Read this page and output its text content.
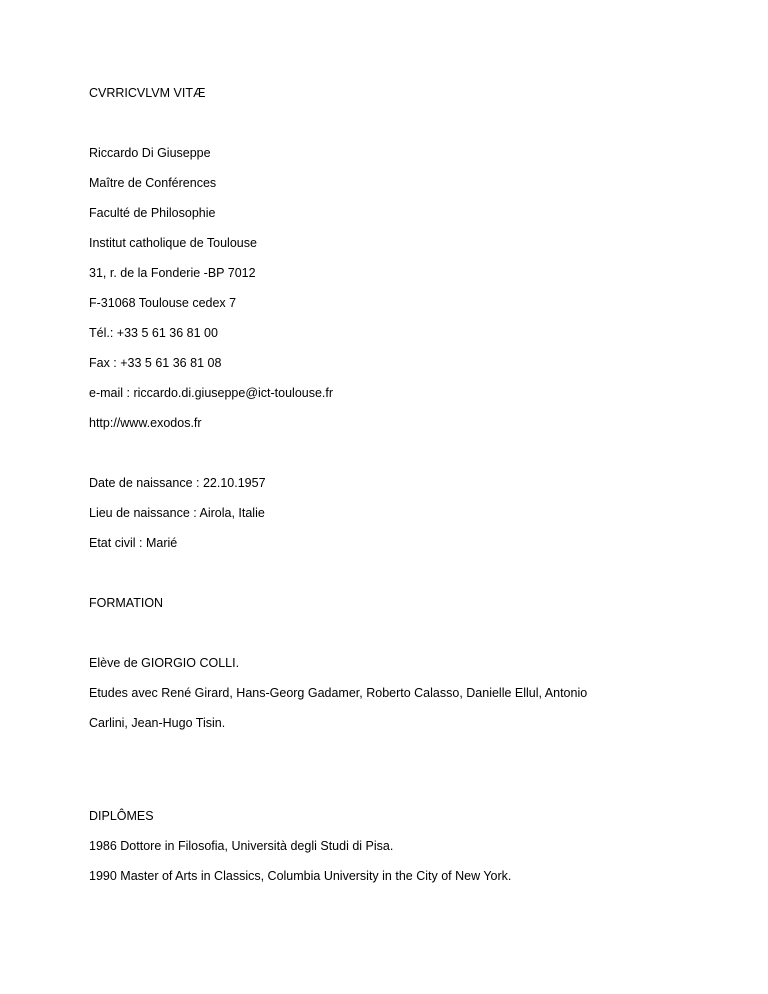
CVRRICVLVM VITÆ
Riccardo Di Giuseppe
Maître de Conférences
Faculté de Philosophie
Institut catholique de Toulouse
31, r. de la Fonderie -BP 7012
F-31068 Toulouse cedex 7
Tél.: +33 5 61 36 81 00
Fax : +33 5 61 36 81 08
e-mail : riccardo.di.giuseppe@ict-toulouse.fr
http://www.exodos.fr
Date de naissance : 22.10.1957
Lieu de naissance : Airola, Italie
Etat civil : Marié
FORMATION
Elève de GIORGIO COLLI.
Etudes avec René Girard, Hans-Georg Gadamer, Roberto Calasso, Danielle Ellul, Antonio
Carlini, Jean-Hugo Tisin.
DIPLÔMES
1986 Dottore in Filosofia, Università degli Studi di Pisa.
1990 Master of Arts in Classics, Columbia University in the City of New York.
